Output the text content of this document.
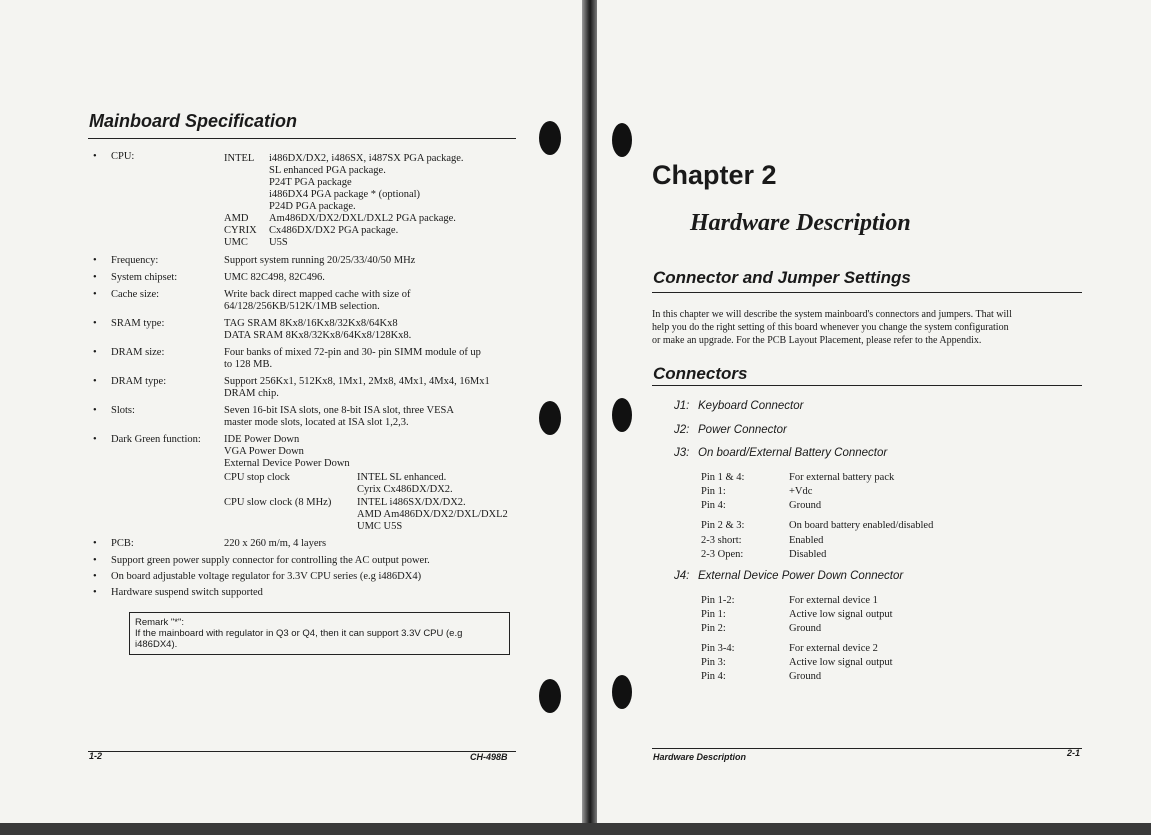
Mainboard Specification
• CPU:	INTEL i486DX/DX2, i486SX, i487SX PGA package.
SL enhanced PGA package.
P24T PGA package
i486DX4 PGA package * (optional)
P24D PGA package.
AMD Am486DX/DX2/DXL/DXL2 PGA package.
CYRIX Cx486DX/DX2 PGA package.
UMC U5S
• Frequency:	Support system running 20/25/33/40/50 MHz
• System chipset:	UMC 82C498, 82C496.
• Cache size:	Write back direct mapped cache with size of
64/128/256KB/512K/1MB selection.
• SRAM type:	TAG SRAM 8Kx8/16Kx8/32Kx8/64Kx8
DATA SRAM 8Kx8/32Kx8/64Kx8/128Kx8.
• DRAM size:	Four banks of mixed 72-pin and 30- pin SIMM module of up
to 128 MB.
• DRAM type:	Support 256Kx1, 512Kx8, 1Mx1, 2Mx8, 4Mx1, 4Mx4, 16Mx1
DRAM chip.
• Slots:	Seven 16-bit ISA slots, one 8-bit ISA slot, three VESA
master mode slots, located at ISA slot 1,2,3.
• Dark Green function: IDE Power Down
VGA Power Down
External Device Power Down
CPU stop clock	INTEL SL enhanced.
Cyrix Cx486DX/DX2.
CPU slow clock (8 MHz) INTEL i486SX/DX/DX2.
AMD Am486DX/DX2/DXL/DXL2
UMC U5S
• PCB:	220 x 260 m/m, 4 layers
• Support green power supply connector for controlling the AC output power.
• On board adjustable voltage regulator for 3.3V CPU series (e.g i486DX4)
• Hardware suspend switch supported
Remark "*":
If the mainboard with regulator in Q3 or Q4, then it can support 3.3V CPU (e.g i486DX4).
1-2	CH-498B
Chapter 2
Hardware Description
Connector and Jumper Settings
In this chapter we will describe the system mainboard's connectors and jumpers. That will
help you do the right setting of this board whenever you change the system configuration
or make an upgrade. For the PCB Layout Placement, please refer to the Appendix.
Connectors
J1: Keyboard Connector
J2: Power Connector
J3: On board/External Battery Connector
Pin 1 & 4:	For external battery pack
Pin 1:	+Vdc
Pin 4:	Ground
Pin 2 & 3:	On board battery enabled/disabled
2-3 short:	Enabled
2-3 Open:	Disabled
J4: External Device Power Down Connector
Pin 1-2:	For external device 1
Pin 1:	Active low signal output
Pin 2:	Ground
Pin 3-4:	For external device 2
Pin 3:	Active low signal output
Pin 4:	Ground
Hardware Description	2-1
